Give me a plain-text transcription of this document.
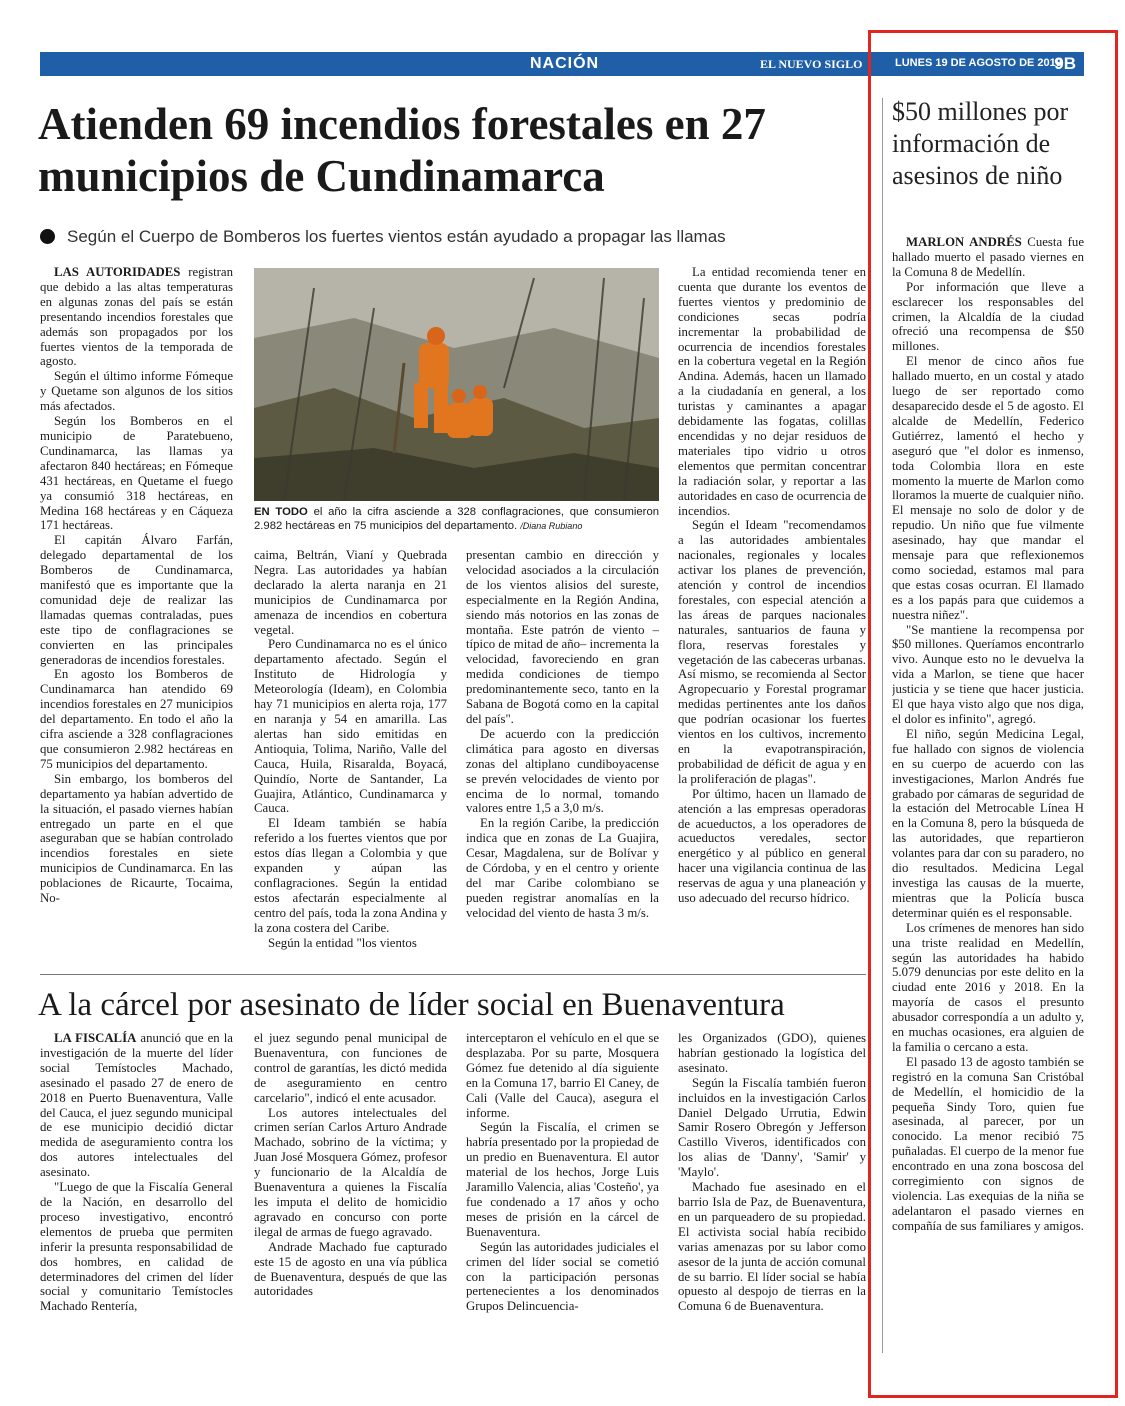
NACIÓN	EL NUEVO SIGLO	LUNES 19 DE AGOSTO DE 2019
9B
Atienden 69 incendios forestales en 27 municipios de Cundinamarca
Según el Cuerpo de Bomberos los fuertes vientos están ayudado a propagar las llamas

LAS AUTORIDADES registran que debido a las altas temperaturas en algunas zonas del país se están presentando incendios forestales que además son propagados por los fuertes vientos de la temporada de agosto.

Según el último informe Fómeque y Quetame son algunos de los sitios más afectados.

Según los Bomberos en el municipio de Paratebueno, Cundinamarca, las llamas ya afectaron 840 hectáreas; en Fómeque 431 hectáreas, en Quetame el fuego ya consumió 318 hectáreas, en Medina 168 hectáreas y en Cáqueza 171 hectáreas.

El capitán Álvaro Farfán, delegado departamental de los Bomberos de Cundinamarca, manifestó que es importante que la comunidad deje de realizar las llamadas quemas contraladas, pues este tipo de conflagraciones se convierten en las principales generadoras de incendios forestales.

En agosto los Bomberos de Cundinamarca han atendido 69 incendios forestales en 27 municipios del departamento. En todo el año la cifra asciende a 328 conflagraciones que consumieron 2.982 hectáreas en 75 municipios del departamento.

Sin embargo, los bomberos del departamento ya habían advertido de la situación, el pasado viernes habían entregado un parte en el que aseguraban que se habían controlado incendios forestales en siete municipios de Cundinamarca. En las poblaciones de Ricaurte, Tocaima, No-

EN TODO el año la cifra asciende a 328 conflagraciones, que consumieron 2.982 hectáreas en 75 municipios del departamento. /Diana Rubiano

caima, Beltrán, Vianí y Quebrada Negra. Las autoridades ya habían declarado la alerta naranja en 21 municipios de Cundinamarca por amenaza de incendios en cobertura vegetal.

Pero Cundinamarca no es el único departamento afectado. Según el Instituto de Hidrología y Meteorología (Ideam), en Colombia hay 71 municipios en alerta roja, 177 en naranja y 54 en amarilla. Las alertas han sido emitidas en Antioquia, Tolima, Nariño, Valle del Cauca, Huila, Risaralda, Boyacá, Quindío, Norte de Santander, La Guajira, Atlántico, Cundinamarca y Cauca.

El Ideam también se había referido a los fuertes vientos que por estos días llegan a Colombia y que expanden y aúpan las conflagraciones. Según la entidad estos afectarán especialmente al centro del país, toda la zona Andina y la zona costera del Caribe.

Según la entidad "los vientos

presentan cambio en dirección y velocidad asociados a la circulación de los vientos alisios del sureste, especialmente en la Región Andina, siendo más notorios en las zonas de montaña. Este patrón de viento –típico de mitad de año– incrementa la velocidad, favoreciendo en gran medida condiciones de tiempo predominantemente seco, tanto en la Sabana de Bogotá como en la capital del país".

De acuerdo con la predicción climática para agosto en diversas zonas del altiplano cundiboyacense se prevén velocidades de viento por encima de lo normal, tomando valores entre 1,5 a 3,0 m/s.

En la región Caribe, la predicción indica que en zonas de La Guajira, Cesar, Magdalena, sur de Bolívar y de Córdoba, y en el centro y oriente del mar Caribe colombiano se pueden registrar anomalías en la velocidad del viento de hasta 3 m/s.

La entidad recomienda tener en cuenta que durante los eventos de fuertes vientos y predominio de condiciones secas podría incrementar la probabilidad de ocurrencia de incendios forestales en la cobertura vegetal en la Región Andina. Además, hacen un llamado a la ciudadanía en general, a los turistas y caminantes a apagar debidamente las fogatas, colillas encendidas y no dejar residuos de materiales tipo vidrio u otros elementos que permitan concentrar la radiación solar, y reportar a las autoridades en caso de ocurrencia de incendios.

Según el Ideam "recomendamos a las autoridades ambientales nacionales, regionales y locales activar los planes de prevención, atención y control de incendios forestales, con especial atención a las áreas de parques nacionales naturales, santuarios de fauna y flora, reservas forestales y vegetación de las cabeceras urbanas. Así mismo, se recomienda al Sector Agropecuario y Forestal programar medidas pertinentes ante los daños que podrían ocasionar los fuertes vientos en los cultivos, incremento en la evapotranspiración, probabilidad de déficit de agua y en la proliferación de plagas".

Por último, hacen un llamado de atención a las empresas operadoras de acueductos, a los operadores de acueductos veredales, sector energético y al público en general hacer una vigilancia continua de las reservas de agua y una planeación y uso adecuado del recurso hídrico.

A la cárcel por asesinato de líder social en Buenaventura

LA FISCALÍA anunció que en la investigación de la muerte del líder social Temístocles Machado, asesinado el pasado 27 de enero de 2018 en Puerto Buenaventura, Valle del Cauca, el juez segundo municipal de ese municipio decidió dictar medida de aseguramiento contra los dos autores intelectuales del asesinato.

"Luego de que la Fiscalía General de la Nación, en desarrollo del proceso investigativo, encontró elementos de prueba que permiten inferir la presunta responsabilidad de dos hombres, en calidad de determinadores del crimen del líder social y comunitario Temístocles Machado Rentería,

el juez segundo penal municipal de Buenaventura, con funciones de control de garantías, les dictó medida de aseguramiento en centro carcelario", indicó el ente acusador.

Los autores intelectuales del crimen serían Carlos Arturo Andrade Machado, sobrino de la víctima; y Juan José Mosquera Gómez, profesor y funcionario de la Alcaldía de Buenaventura a quienes la Fiscalía les imputa el delito de homicidio agravado en concurso con porte ilegal de armas de fuego agravado.

Andrade Machado fue capturado este 15 de agosto en una vía pública de Buenaventura, después de que las autoridades

interceptaron el vehículo en el que se desplazaba. Por su parte, Mosquera Gómez fue detenido al día siguiente en la Comuna 17, barrio El Caney, de Cali (Valle del Cauca), asegura el informe.

Según la Fiscalía, el crimen se habría presentado por la propiedad de un predio en Buenaventura. El autor material de los hechos, Jorge Luis Jaramillo Valencia, alias 'Costeño', ya fue condenado a 17 años y ocho meses de prisión en la cárcel de Buenaventura.

Según las autoridades judiciales el crimen del líder social se cometió con la participación personas pertenecientes a los denominados Grupos Delincuencia-

les Organizados (GDO), quienes habrían gestionado la logística del asesinato.

Según la Fiscalía también fueron incluidos en la investigación Carlos Daniel Delgado Urrutia, Edwin Samir Rosero Obregón y Jefferson Castillo Viveros, identificados con los alias de 'Danny', 'Samir' y 'Maylo'.

Machado fue asesinado en el barrio Isla de Paz, de Buenaventura, en un parqueadero de su propiedad. El activista social había recibido varias amenazas por su labor como asesor de la junta de acción comunal de su barrio. El líder social se había opuesto al despojo de tierras en la Comuna 6 de Buenaventura.

$50 millones por información de asesinos de niño

MARLON ANDRÉS Cuesta fue hallado muerto el pasado viernes en la Comuna 8 de Medellín.

Por información que lleve a esclarecer los responsables del crimen, la Alcaldía de la ciudad ofreció una recompensa de $50 millones.

El menor de cinco años fue hallado muerto, en un costal y atado luego de ser reportado como desaparecido desde el 5 de agosto. El alcalde de Medellín, Federico Gutiérrez, lamentó el hecho y aseguró que "el dolor es inmenso, toda Colombia llora en este momento la muerte de Marlon como lloramos la muerte de cualquier niño. El mensaje no solo de dolor y de repudio. Un niño que fue vilmente asesinado, hay que mandar el mensaje para que reflexionemos como sociedad, estamos mal para que estas cosas ocurran. El llamado es a los papás para que cuidemos a nuestra niñez".

"Se mantiene la recompensa por $50 millones. Queríamos encontrarlo vivo. Aunque esto no le devuelva la vida a Marlon, se tiene que hacer justicia y se tiene que hacer justicia. El que haya visto algo que nos diga, el dolor es infinito", agregó.

El niño, según Medicina Legal, fue hallado con signos de violencia en su cuerpo de acuerdo con las investigaciones, Marlon Andrés fue grabado por cámaras de seguridad de la estación del Metrocable Línea H en la Comuna 8, pero la búsqueda de las autoridades, que repartieron volantes para dar con su paradero, no dio resultados. Medicina Legal investiga las causas de la muerte, mientras que la Policía busca determinar quién es el responsable.

Los crímenes de menores han sido una triste realidad en Medellín, según las autoridades ha habido 5.079 denuncias por este delito en la ciudad ente 2016 y 2018. En la mayoría de casos el presunto abusador correspondía a un adulto y, en muchas ocasiones, era alguien de la familia o cercano a esta.

El pasado 13 de agosto también se registró en la comuna San Cristóbal de Medellín, el homicidio de la pequeña Sindy Toro, quien fue asesinada, al parecer, por un conocido. La menor recibió 75 puñaladas. El cuerpo de la menor fue encontrado en una zona boscosa del corregimiento con signos de violencia. Las exequias de la niña se adelantaron el pasado viernes en compañía de sus familiares y amigos.
